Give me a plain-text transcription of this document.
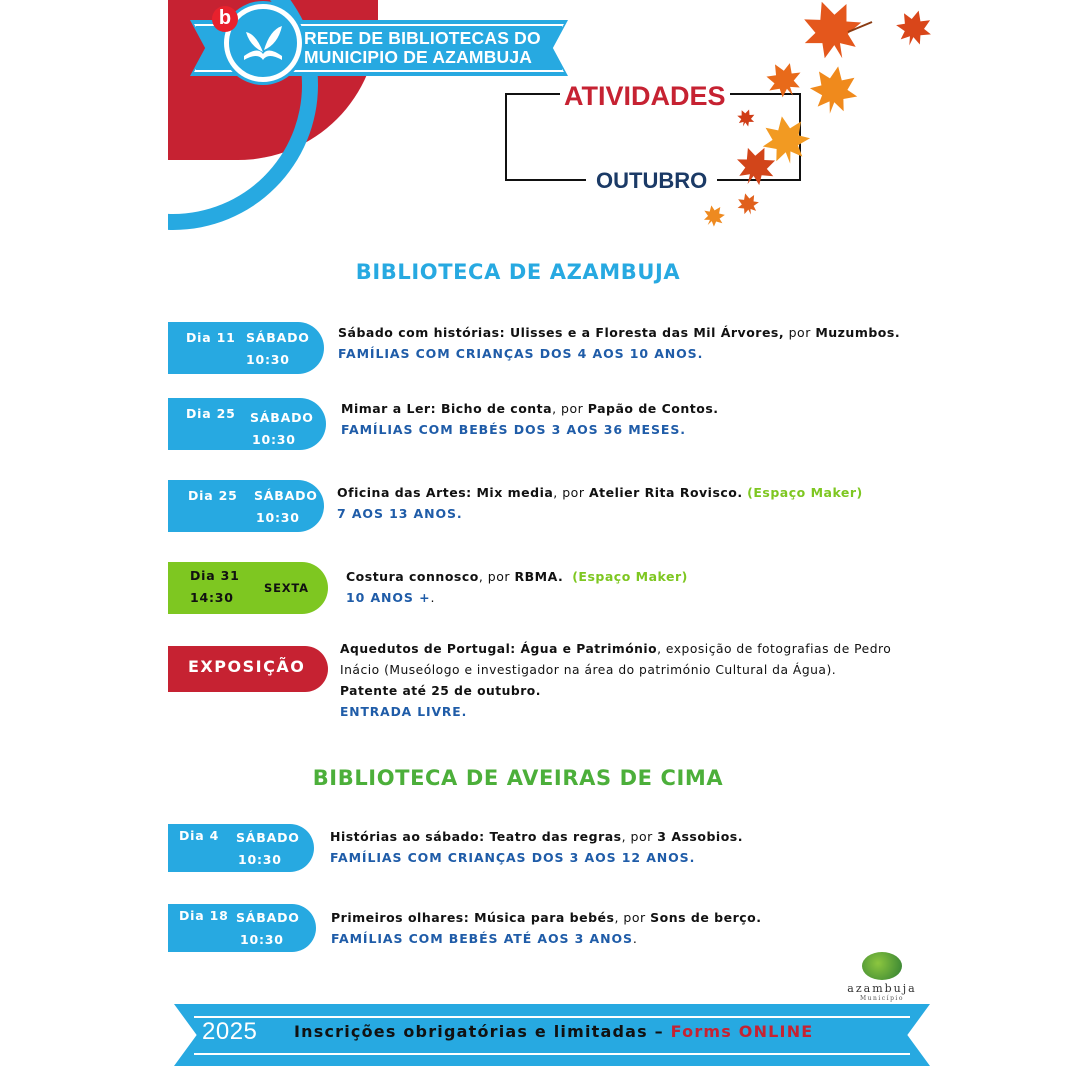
b
REDE DE BIBLIOTECAS DO
MUNICIPIO DE AZAMBUJA
ATIVIDADES
OUTUBRO
BIBLIOTECA DE AZAMBUJA
Dia 11 SÁBADO
10:30
Sábado com histórias: Ulisses e a Floresta das Mil Árvores, por Muzumbos.
FAMÍLIAS COM CRIANÇAS DOS 4 AOS 10 ANOS.
Dia 25 SÁBADO
10:30
Mimar a Ler: Bicho de conta, por Papão de Contos.
FAMÍLIAS COM BEBÉS DOS 3 AOS 36 MESES.
Dia 25 SÁBADO
10:30
Oficina das Artes: Mix media, por Atelier Rita Rovisco. (Espaço Maker)
7 AOS 13 ANOS.
Dia 31
14:30
SEXTA
Costura connosco, por RBMA. (Espaço Maker)
10 ANOS +.
EXPOSIÇÃO
Aquedutos de Portugal: Água e Património, exposição de fotografias de Pedro
Inácio (Museólogo e investigador na área do património Cultural da Água).
Patente até 25 de outubro.
ENTRADA LIVRE.
BIBLIOTECA DE AVEIRAS DE CIMA
Dia 4 SÁBADO
10:30
Histórias ao sábado: Teatro das regras, por 3 Assobios.
FAMÍLIAS COM CRIANÇAS DOS 3 AOS 12 ANOS.
Dia 18 SÁBADO
10:30
Primeiros olhares: Música para bebés, por Sons de berço.
FAMÍLIAS COM BEBÉS ATÉ AOS 3 ANOS.
azambuja
Município
2025 Inscrições obrigatórias e limitadas – Forms ONLINE
